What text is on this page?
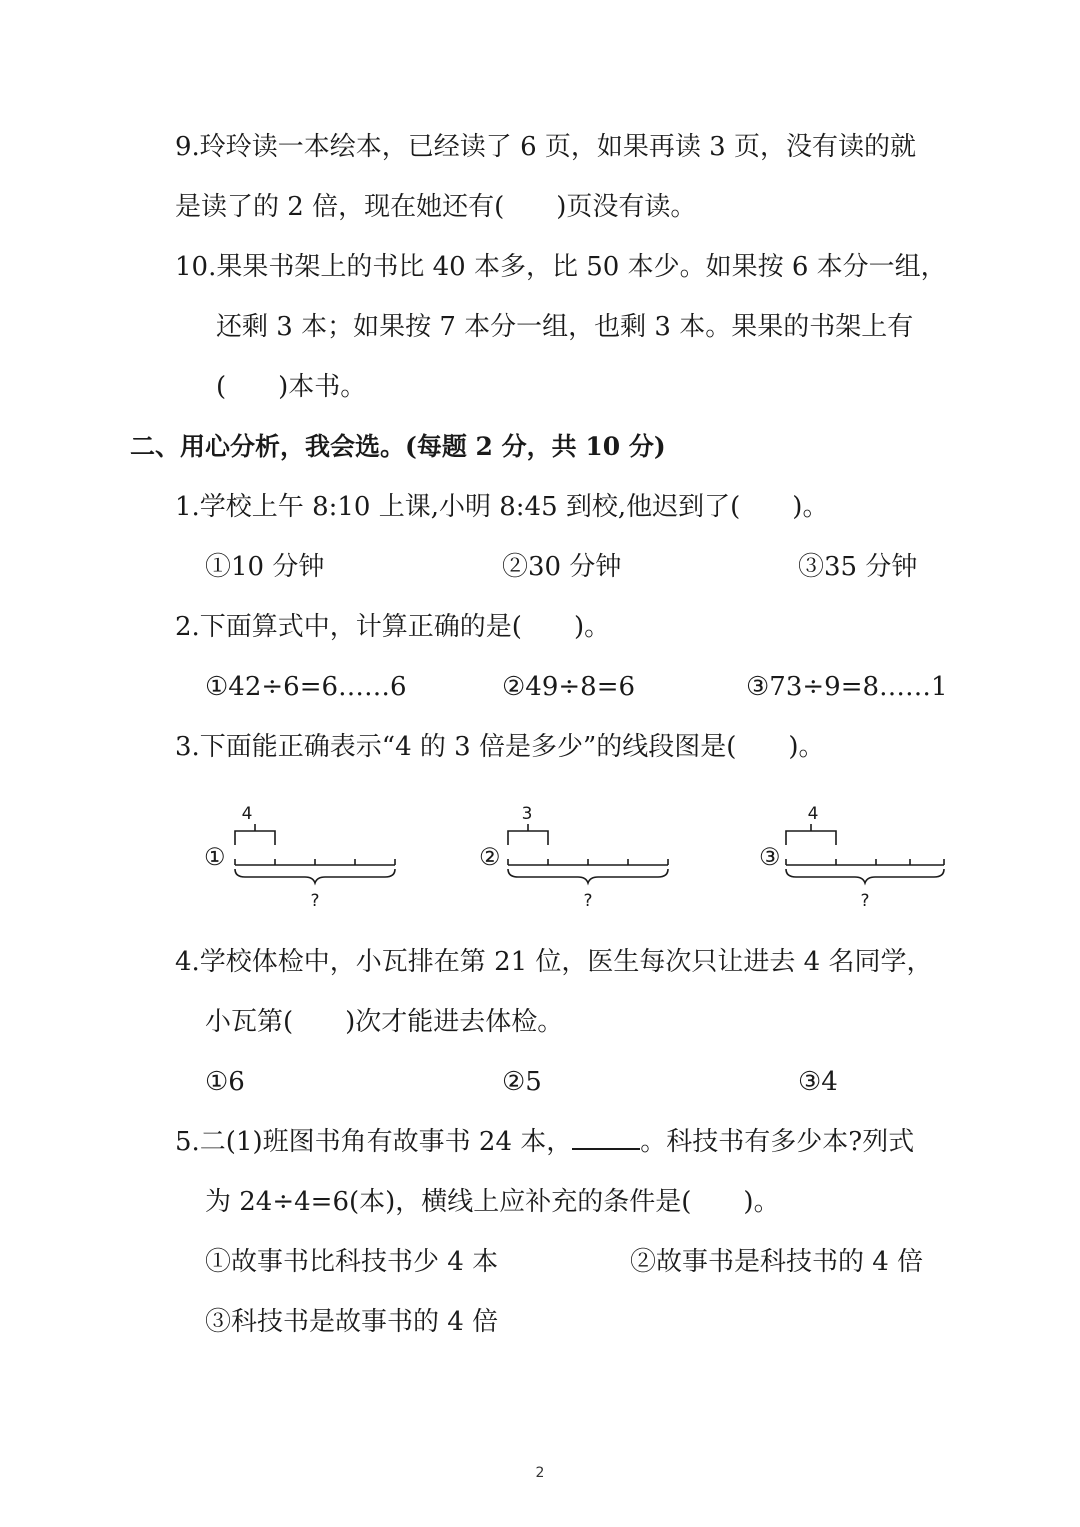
9.玲玲读一本绘本，已经读了 6 页，如果再读 3 页，没有读的就
是读了的 2 倍，现在她还有(　　)页没有读。
10.果果书架上的书比 40 本多，比 50 本少。如果按 6 本分一组，
还剩 3 本；如果按 7 本分一组，也剩 3 本。果果的书架上有
(　　)本书。
二、用心分析，我会选。(每题 2 分，共 10 分)
1.学校上午 8:10 上课,小明 8:45 到校,他迟到了(　　)。
①10 分钟	②30 分钟	③35 分钟
2.下面算式中，计算正确的是(　　)。
①42÷6=6……6	②49÷8=6	③73÷9=8……1
3.下面能正确表示“4 的 3 倍是多少”的线段图是(　　)。
①
4
?
②
3
?
③
4
?
4.学校体检中，小瓦排在第 21 位，医生每次只让进去 4 名同学，
小瓦第(　　)次才能进去体检。
①6	②5	③4
5.二(1)班图书角有故事书 24 本，	。科技书有多少本?列式
为 24÷4=6(本)，横线上应补充的条件是(　　)。
①故事书比科技书少 4 本	②故事书是科技书的 4 倍
③科技书是故事书的 4 倍
2
